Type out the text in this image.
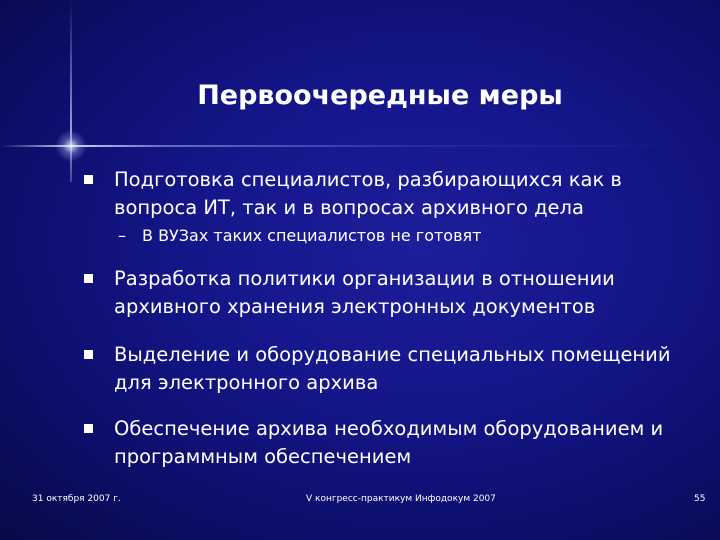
Первоочередные меры
Подготовка специалистов, разбирающихся как в вопроса ИТ, так и в вопросах архивного дела
–	В ВУЗах таких специалистов не готовят
Разработка политики организации в отношении архивного хранения электронных документов
Выделение и оборудование специальных помещений для электронного архива
Обеспечение архива необходимым оборудованием и программным обеспечением
31 октября 2007 г.	V конгресс-практикум Инфодокум 2007	55
